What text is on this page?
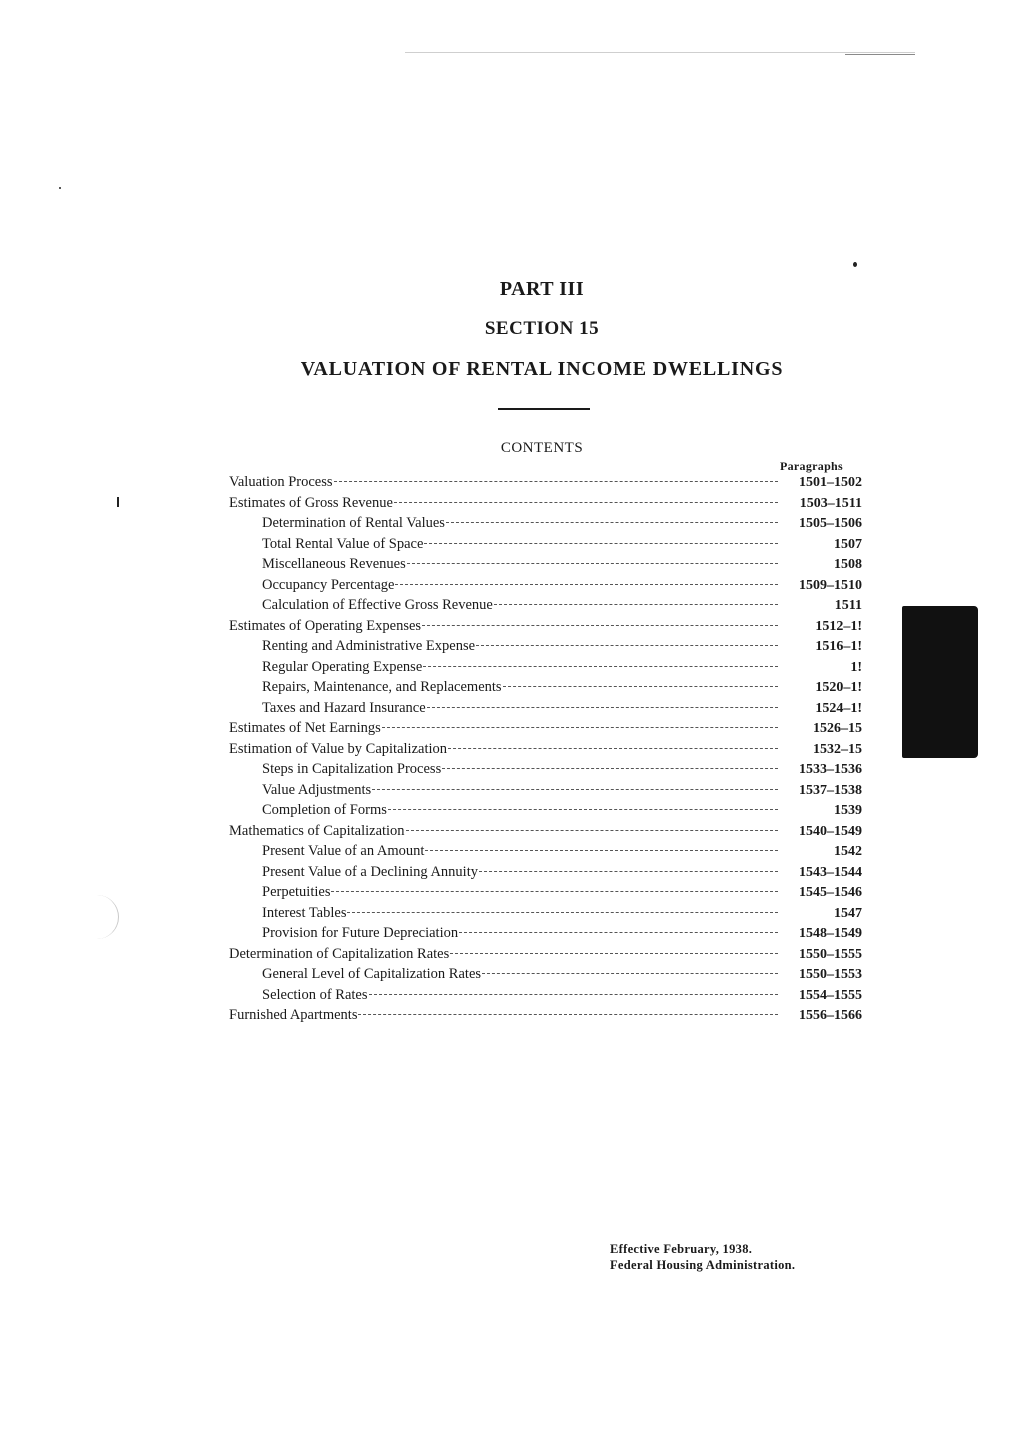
PART III
SECTION 15
VALUATION OF RENTAL INCOME DWELLINGS
CONTENTS
Paragraphs
Valuation Process	1501–1502
Estimates of Gross Revenue	1503–1511
Determination of Rental Values	1505–1506
Total Rental Value of Space	1507
Miscellaneous Revenues	1508
Occupancy Percentage	1509–1510
Calculation of Effective Gross Revenue	1511
Estimates of Operating Expenses	1512–1!
Renting and Administrative Expense	1516–1!
Regular Operating Expense	1!
Repairs, Maintenance, and Replacements	1520–1!
Taxes and Hazard Insurance	1524–1!
Estimates of Net Earnings	1526–15
Estimation of Value by Capitalization	1532–15
Steps in Capitalization Process	1533–1536
Value Adjustments	1537–1538
Completion of Forms	1539
Mathematics of Capitalization	1540–1549
Present Value of an Amount	1542
Present Value of a Declining Annuity	1543–1544
Perpetuities	1545–1546
Interest Tables	1547
Provision for Future Depreciation	1548–1549
Determination of Capitalization Rates	1550–1555
General Level of Capitalization Rates	1550–1553
Selection of Rates	1554–1555
Furnished Apartments	1556–1566
Effective February, 1938.
Federal Housing Administration.
